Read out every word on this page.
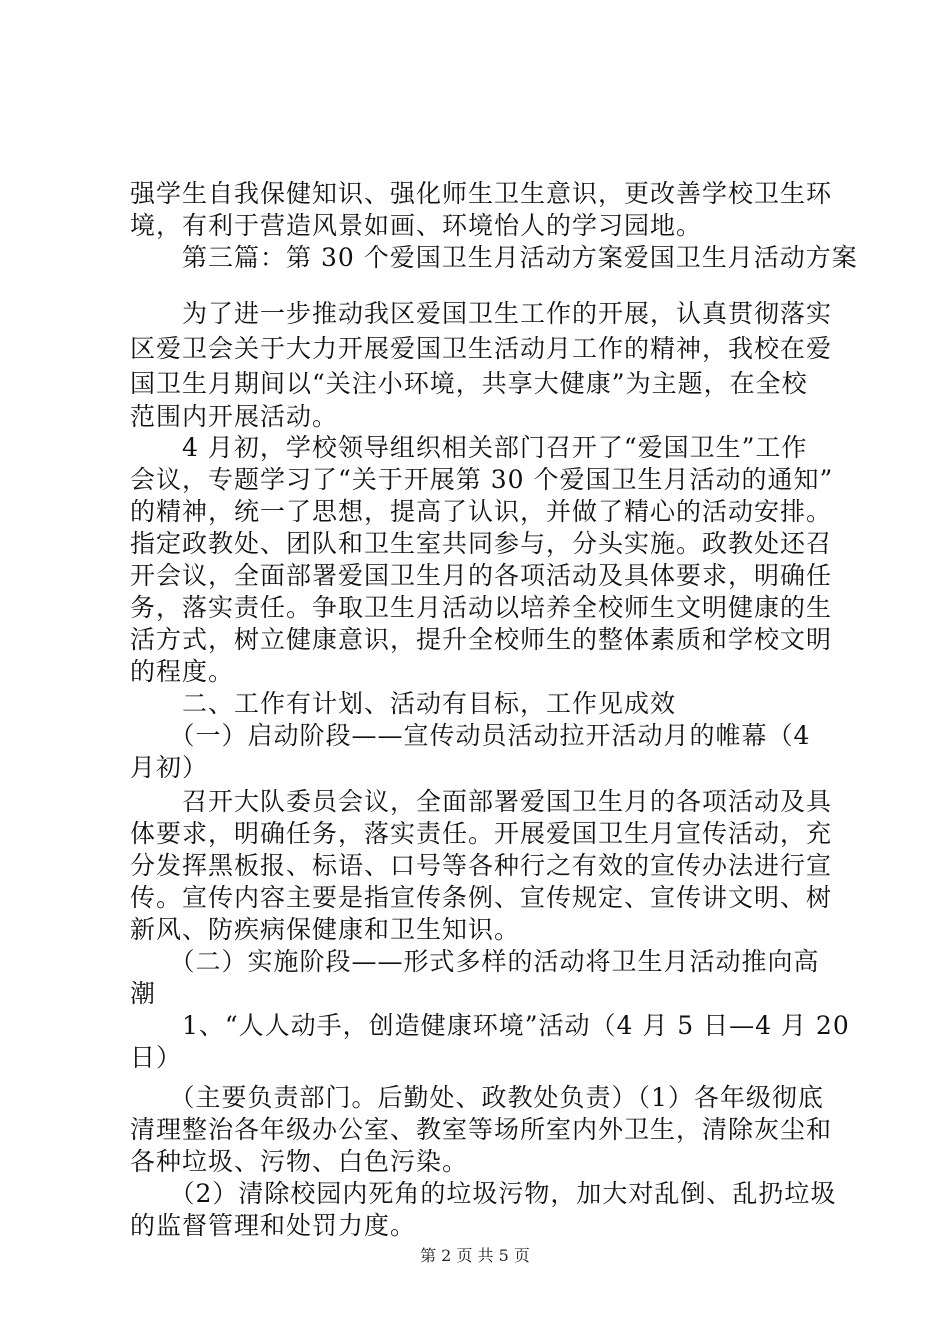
强学生自我保健知识、强化师生卫生意识，更改善学校卫生环
境，有利于营造风景如画、环境怡人的学习园地。
　　第三篇：第 30 个爱国卫生月活动方案爱国卫生月活动方案
　　为了进一步推动我区爱国卫生工作的开展，认真贯彻落实
区爱卫会关于大力开展爱国卫生活动月工作的精神，我校在爱
国卫生月期间以“关注小环境，共享大健康”为主题，在全校
范围内开展活动。
　　4 月初，学校领导组织相关部门召开了“爱国卫生”工作
会议，专题学习了“关于开展第 30 个爱国卫生月活动的通知”
的精神，统一了思想，提高了认识，并做了精心的活动安排。
指定政教处、团队和卫生室共同参与，分头实施。政教处还召
开会议，全面部署爱国卫生月的各项活动及具体要求，明确任
务，落实责任。争取卫生月活动以培养全校师生文明健康的生
活方式，树立健康意识，提升全校师生的整体素质和学校文明
的程度。
　　二、工作有计划、活动有目标，工作见成效
　　（一）启动阶段——宣传动员活动拉开活动月的帷幕（4
月初）
　　召开大队委员会议，全面部署爱国卫生月的各项活动及具
体要求，明确任务，落实责任。开展爱国卫生月宣传活动，充
分发挥黑板报、标语、口号等各种行之有效的宣传办法进行宣
传。宣传内容主要是指宣传条例、宣传规定、宣传讲文明、树
新风、防疾病保健康和卫生知识。
　　（二）实施阶段——形式多样的活动将卫生月活动推向高
潮
　　1、“人人动手，创造健康环境”活动（4 月 5 日—4 月 20
日）
　　（主要负责部门。后勤处、政教处负责）（1）各年级彻底
清理整治各年级办公室、教室等场所室内外卫生，清除灰尘和
各种垃圾、污物、白色污染。
　　（2）清除校园内死角的垃圾污物，加大对乱倒、乱扔垃圾
的监督管理和处罚力度。
第 2 页 共 5 页
